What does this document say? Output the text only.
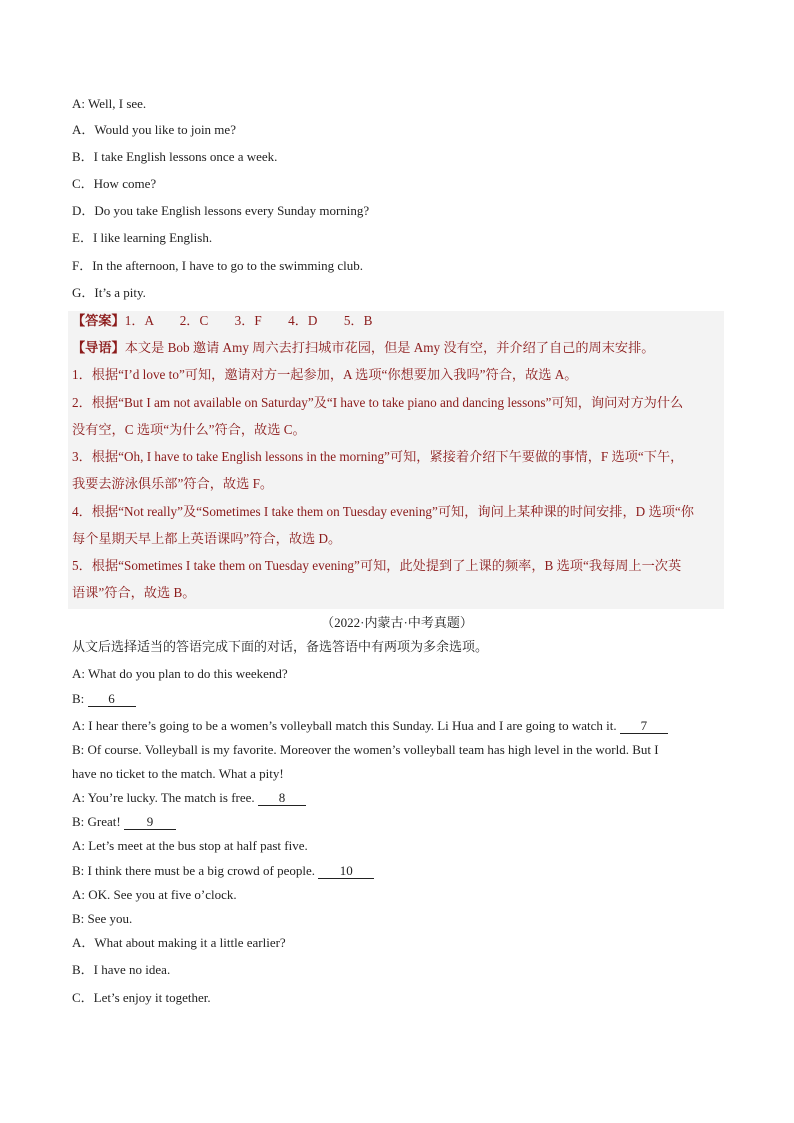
A: Well, I see.
A．Would you like to join me?
B．I take English lessons once a week.
C．How come?
D．Do you take English lessons every Sunday morning?
E．I like learning English.
F．In the afternoon, I have to go to the swimming club.
G．It’s a pity.
【答案】1．A　　2．C　　3．F　　4．D　　5．B
【导语】本文是 Bob 邀请 Amy 周六去打扫城市花园，但是 Amy 没有空，并介绍了自己的周末安排。
1．根据“I’d love to”可知，邀请对方一起参加，A 选项“你想要加入我吗”符合，故选 A。
2．根据“But I am not available on Saturday”及“I have to take piano and dancing lessons”可知，询问对方为什么
没有空，C 选项“为什么”符合，故选 C。
3．根据“Oh, I have to take English lessons in the morning”可知，紧接着介绍下午要做的事情，F 选项“下午，
我要去游泳俱乐部”符合，故选 F。
4．根据“Not really”及“Sometimes I take them on Tuesday evening”可知，询问上某种课的时间安排，D 选项“你
每个星期天早上都上英语课吗”符合，故选 D。
5．根据“Sometimes I take them on Tuesday evening”可知，此处提到了上课的频率，B 选项“我每周上一次英
语课”符合，故选 B。
（2022·内蒙古·中考真题）
从文后选择适当的答语完成下面的对话，备选答语中有两项为多余选项。
A: What do you plan to do this weekend?
B: 6
A: I hear there’s going to be a women’s volleyball match this Sunday. Li Hua and I are going to watch it. 7
B: Of course. Volleyball is my favorite. Moreover the women’s volleyball team has high level in the world. But I
have no ticket to the match. What a pity!
A: You’re lucky. The match is free. 8
B: Great! 9
A: Let’s meet at the bus stop at half past five.
B: I think there must be a big crowd of people. 10
A: OK. See you at five o’clock.
B: See you.
A．What about making it a little earlier?
B．I have no idea.
C．Let’s enjoy it together.
